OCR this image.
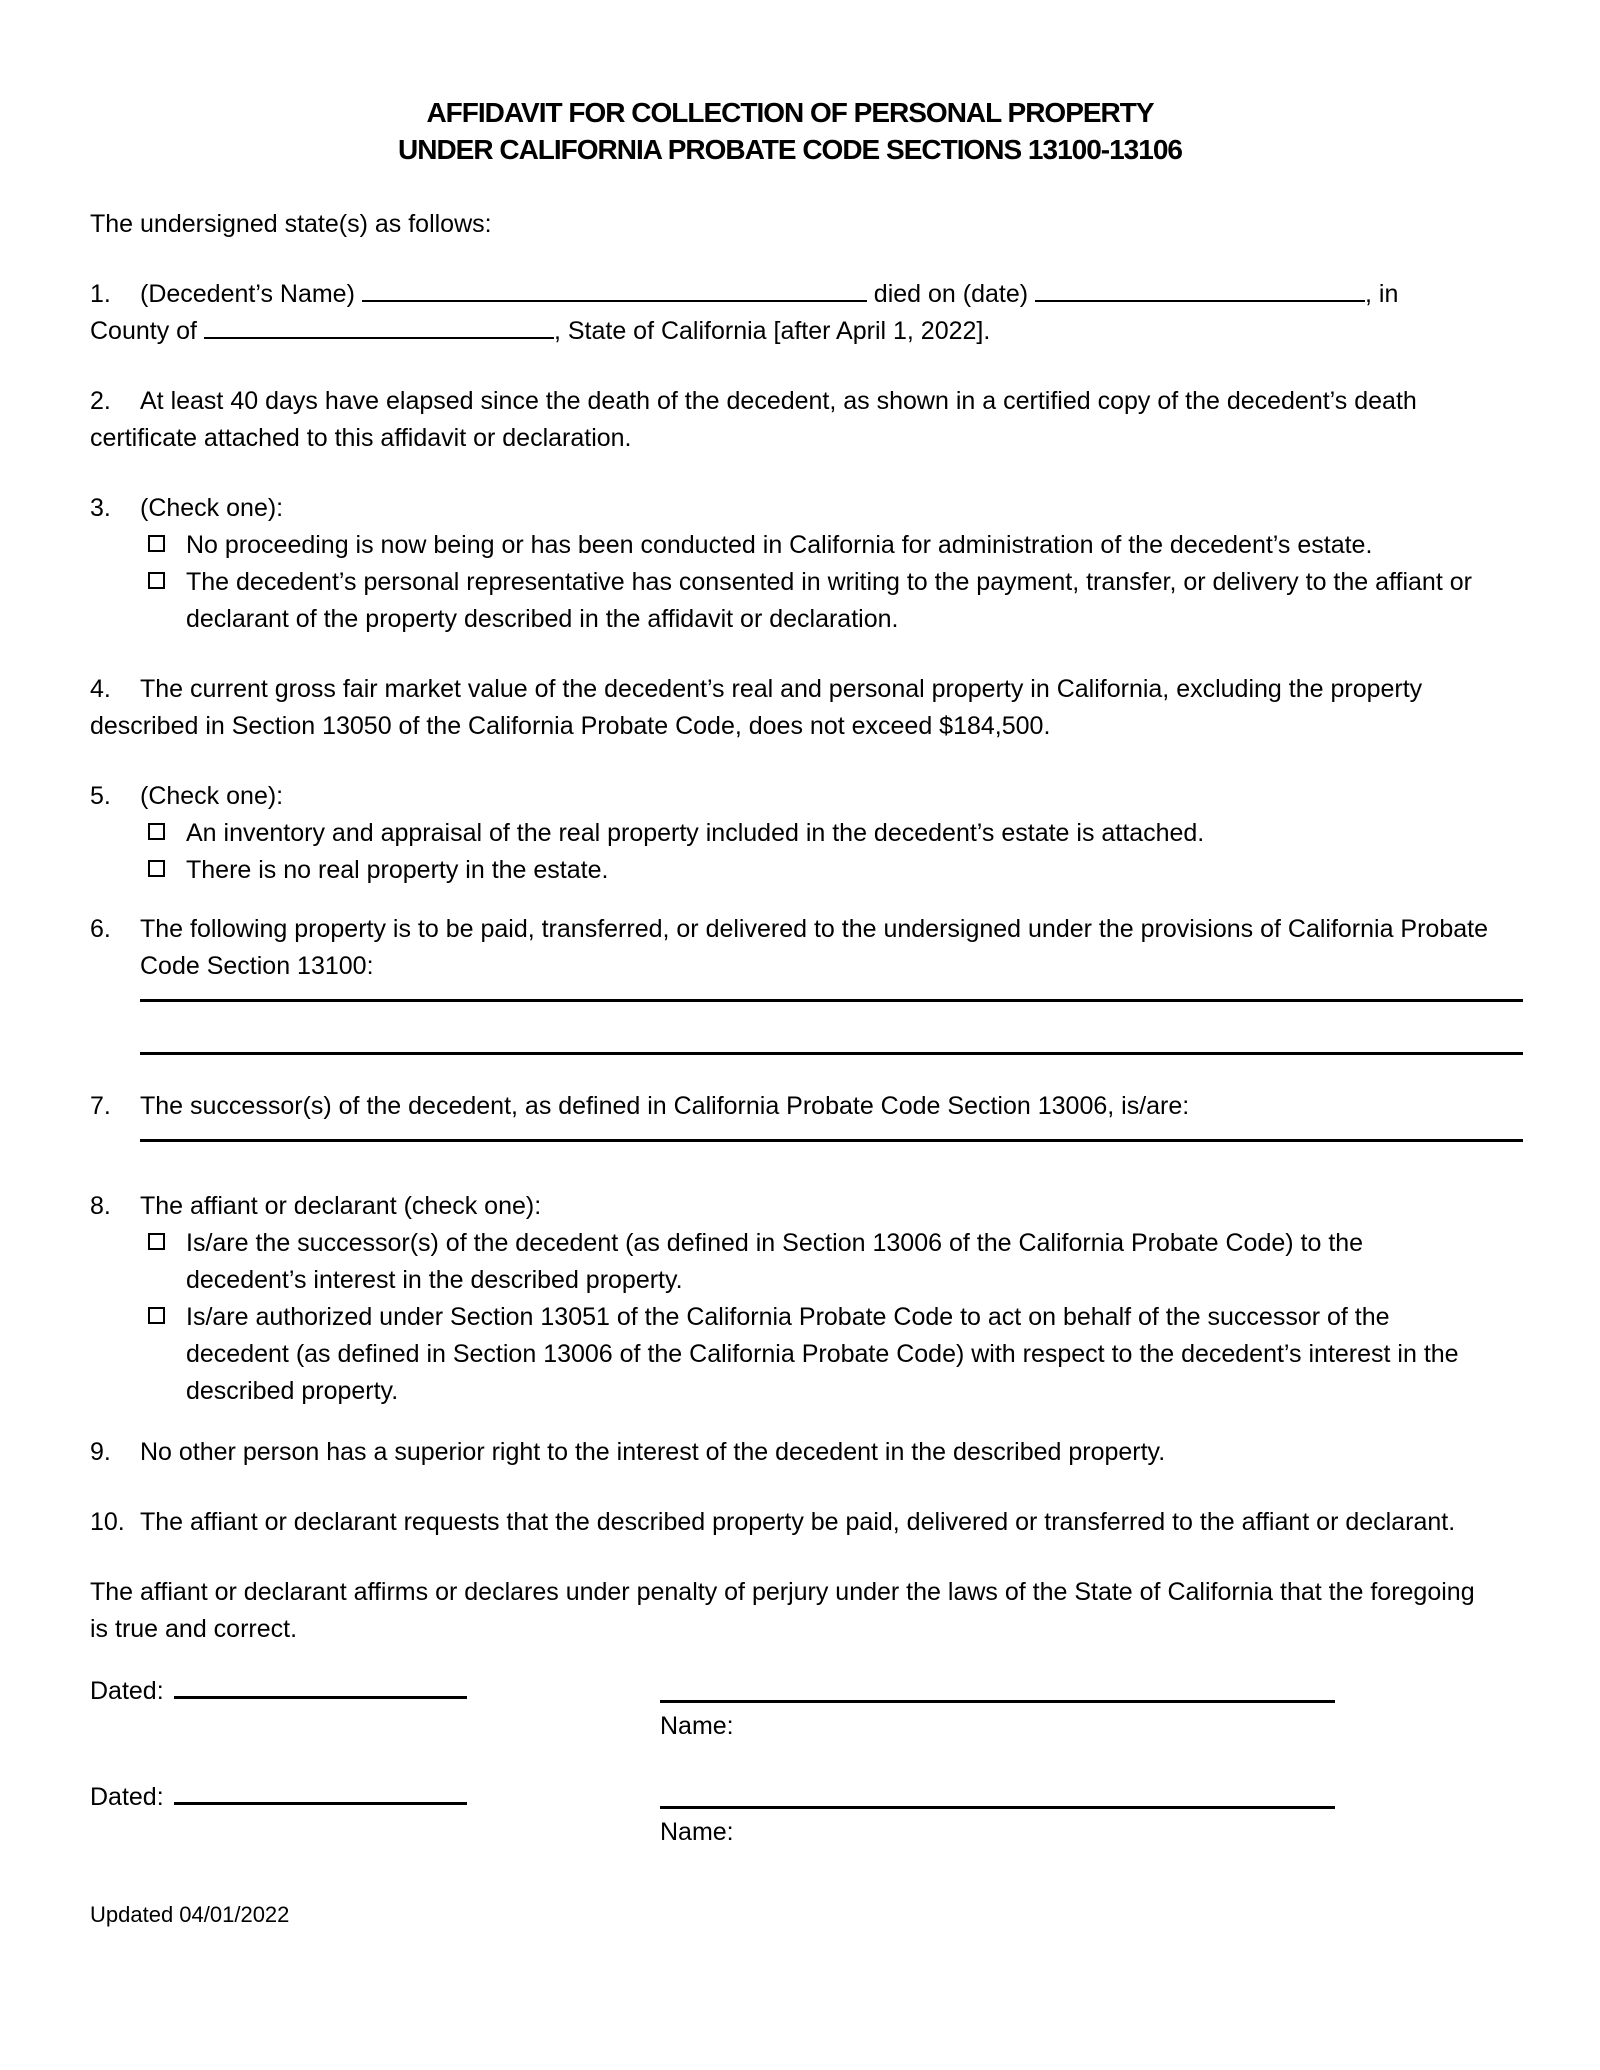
AFFIDAVIT FOR COLLECTION OF PERSONAL PROPERTY
UNDER CALIFORNIA PROBATE CODE SECTIONS 13100-13106

The undersigned state(s) as follows:

1. (Decedent’s Name)	died on (date)	, in
County of	, State of California [after April 1, 2022].
2. At least 40 days have elapsed since the death of the decedent, as shown in a certified copy of the decedent’s death certificate attached to this affidavit or declaration.
3.	(Check one):
No proceeding is now being or has been conducted in California for administration of the decedent’s estate.
The decedent’s personal representative has consented in writing to the payment, transfer, or delivery to the affiant or declarant of the property described in the affidavit or declaration.
4. The current gross fair market value of the decedent’s real and personal property in California, excluding the property described in Section 13050 of the California Probate Code, does not exceed $184,500.
5.	(Check one):
An inventory and appraisal of the real property included in the decedent’s estate is attached.
There is no real property in the estate.
6.	The following property is to be paid, transferred, or delivered to the undersigned under the provisions of California Probate Code Section 13100:
7.	The successor(s) of the decedent, as defined in California Probate Code Section 13006, is/are:
8.	The affiant or declarant (check one):
Is/are the successor(s) of the decedent (as defined in Section 13006 of the California Probate Code) to the decedent’s interest in the described property.
Is/are authorized under Section 13051 of the California Probate Code to act on behalf of the successor of the decedent (as defined in Section 13006 of the California Probate Code) with respect to the decedent’s interest in the described property.
9. No other person has a superior right to the interest of the decedent in the described property.
10. The affiant or declarant requests that the described property be paid, delivered or transferred to the affiant or declarant.

The affiant or declarant affirms or declares under penalty of perjury under the laws of the State of California that the foregoing is true and correct.

Dated:
Name:
Dated:
Name:
Updated 04/01/2022
